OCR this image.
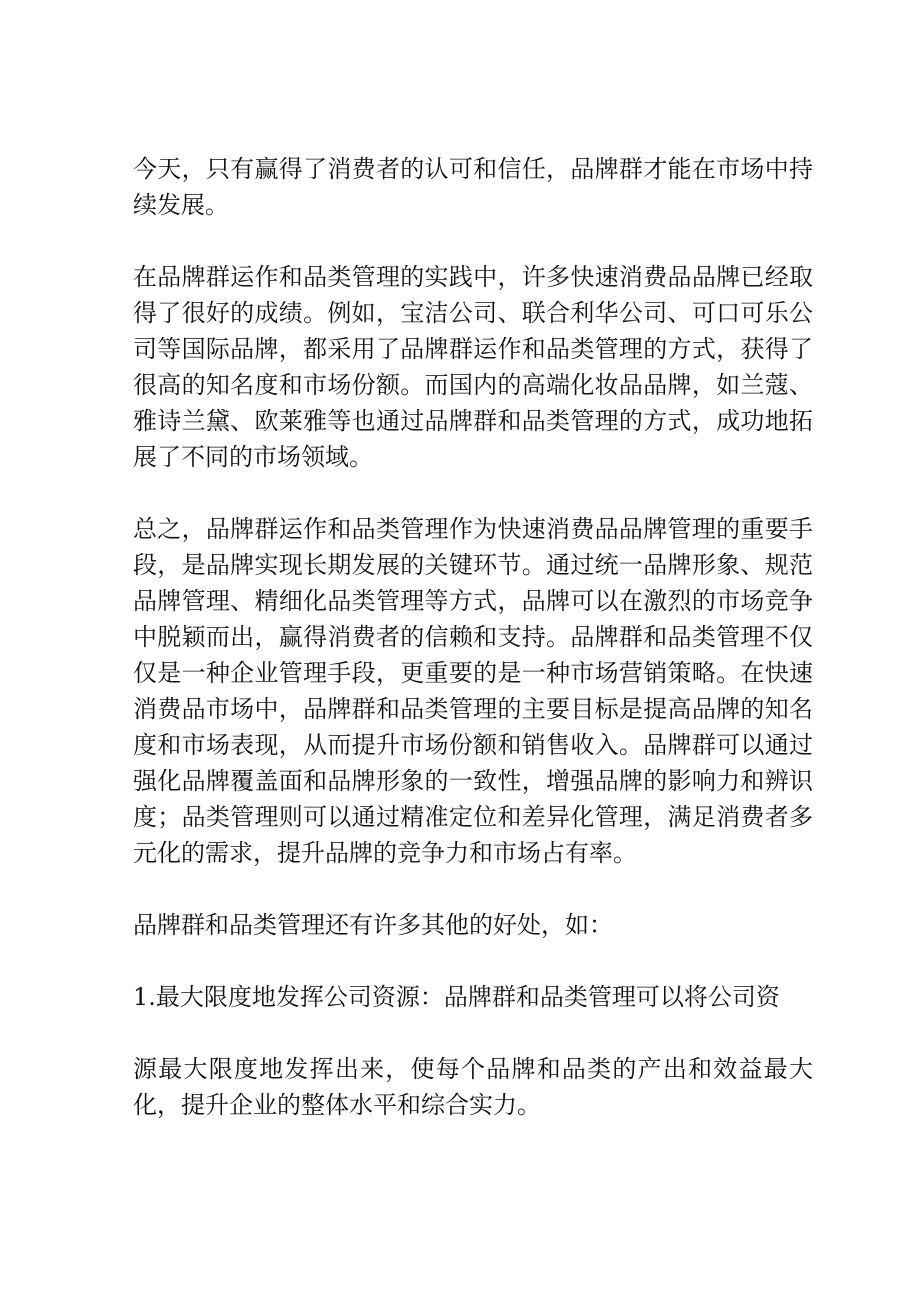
今天，只有赢得了消费者的认可和信任，品牌群才能在市场中持续发展。

在品牌群运作和品类管理的实践中，许多快速消费品品牌已经取得了很好的成绩。例如，宝洁公司、联合利华公司、可口可乐公司等国际品牌，都采用了品牌群运作和品类管理的方式，获得了很高的知名度和市场份额。而国内的高端化妆品品牌，如兰蔻、雅诗兰黛、欧莱雅等也通过品牌群和品类管理的方式，成功地拓展了不同的市场领域。

总之，品牌群运作和品类管理作为快速消费品品牌管理的重要手段，是品牌实现长期发展的关键环节。通过统一品牌形象、规范品牌管理、精细化品类管理等方式，品牌可以在激烈的市场竞争中脱颖而出，赢得消费者的信赖和支持。品牌群和品类管理不仅仅是一种企业管理手段，更重要的是一种市场营销策略。在快速消费品市场中，品牌群和品类管理的主要目标是提高品牌的知名度和市场表现，从而提升市场份额和销售收入。品牌群可以通过强化品牌覆盖面和品牌形象的一致性，增强品牌的影响力和辨识度；品类管理则可以通过精准定位和差异化管理，满足消费者多元化的需求，提升品牌的竞争力和市场占有率。

品牌群和品类管理还有许多其他的好处，如：

1.最大限度地发挥公司资源：品牌群和品类管理可以将公司资

源最大限度地发挥出来，使每个品牌和品类的产出和效益最大化，提升企业的整体水平和综合实力。
